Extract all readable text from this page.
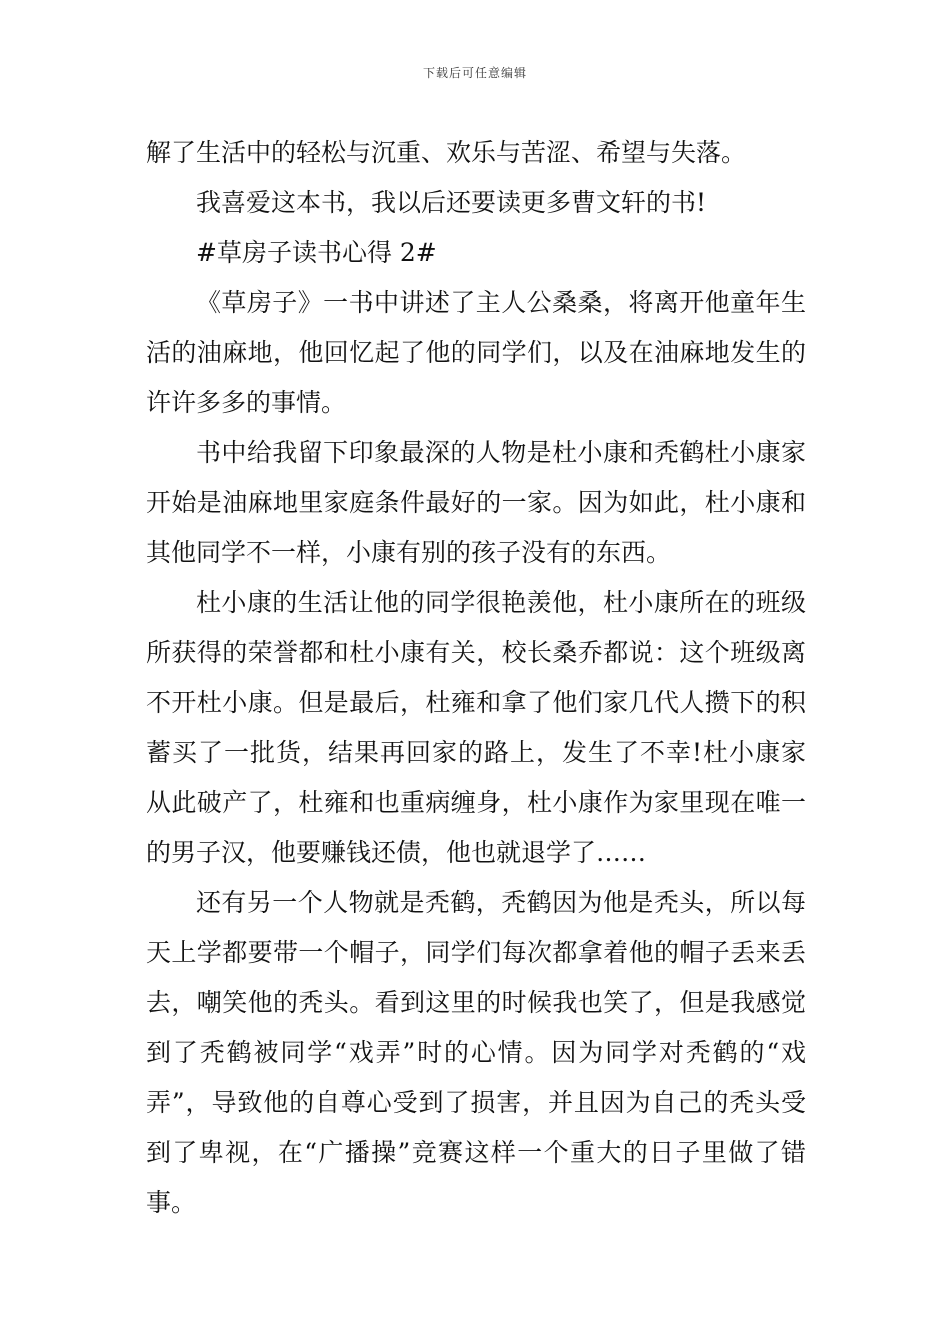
下载后可任意编辑

解了生活中的轻松与沉重、欢乐与苦涩、希望与失落。

我喜爱这本书，我以后还要读更多曹文轩的书!

#草房子读书心得 2#

《草房子》一书中讲述了主人公桑桑，将离开他童年生活的油麻地，他回忆起了他的同学们，以及在油麻地发生的许许多多的事情。

书中给我留下印象最深的人物是杜小康和秃鹤杜小康家开始是油麻地里家庭条件最好的一家。因为如此，杜小康和其他同学不一样，小康有别的孩子没有的东西。

杜小康的生活让他的同学很艳羡他，杜小康所在的班级所获得的荣誉都和杜小康有关，校长桑乔都说：这个班级离不开杜小康。但是最后，杜雍和拿了他们家几代人攒下的积蓄买了一批货，结果再回家的路上，发生了不幸!杜小康家从此破产了，杜雍和也重病缠身，杜小康作为家里现在唯一的男子汉，他要赚钱还债，他也就退学了……

还有另一个人物就是秃鹤，秃鹤因为他是秃头，所以每天上学都要带一个帽子，同学们每次都拿着他的帽子丢来丢去，嘲笑他的秃头。看到这里的时候我也笑了，但是我感觉到了秃鹤被同学“戏弄”时的心情。因为同学对秃鹤的“戏弄”，导致他的自尊心受到了损害，并且因为自己的秃头受到了卑视，在“广播操”竞赛这样一个重大的日子里做了错事。
